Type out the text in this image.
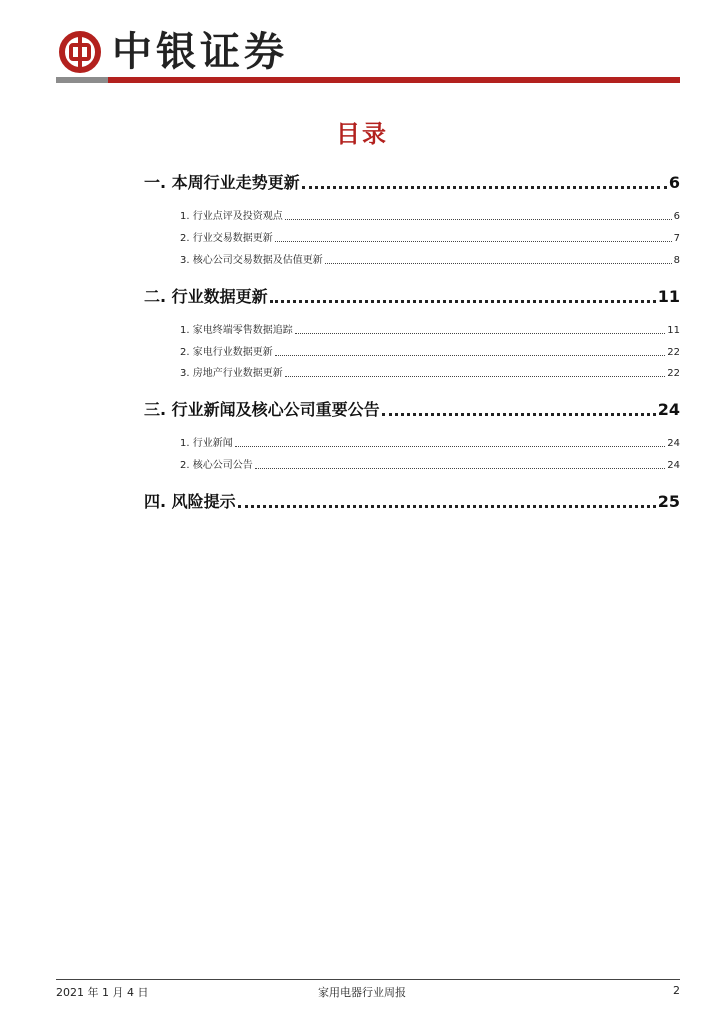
中银证券
目录
一. 本周行业走势更新	6
1. 行业点评及投资观点	6
2. 行业交易数据更新	7
3. 核心公司交易数据及估值更新	8
二. 行业数据更新	11
1. 家电终端零售数据追踪	11
2. 家电行业数据更新	22
3. 房地产行业数据更新	22
三. 行业新闻及核心公司重要公告	24
1. 行业新闻	24
2. 核心公司公告	24
四. 风险提示	25
2021 年 1 月 4 日	家用电器行业周报	2
